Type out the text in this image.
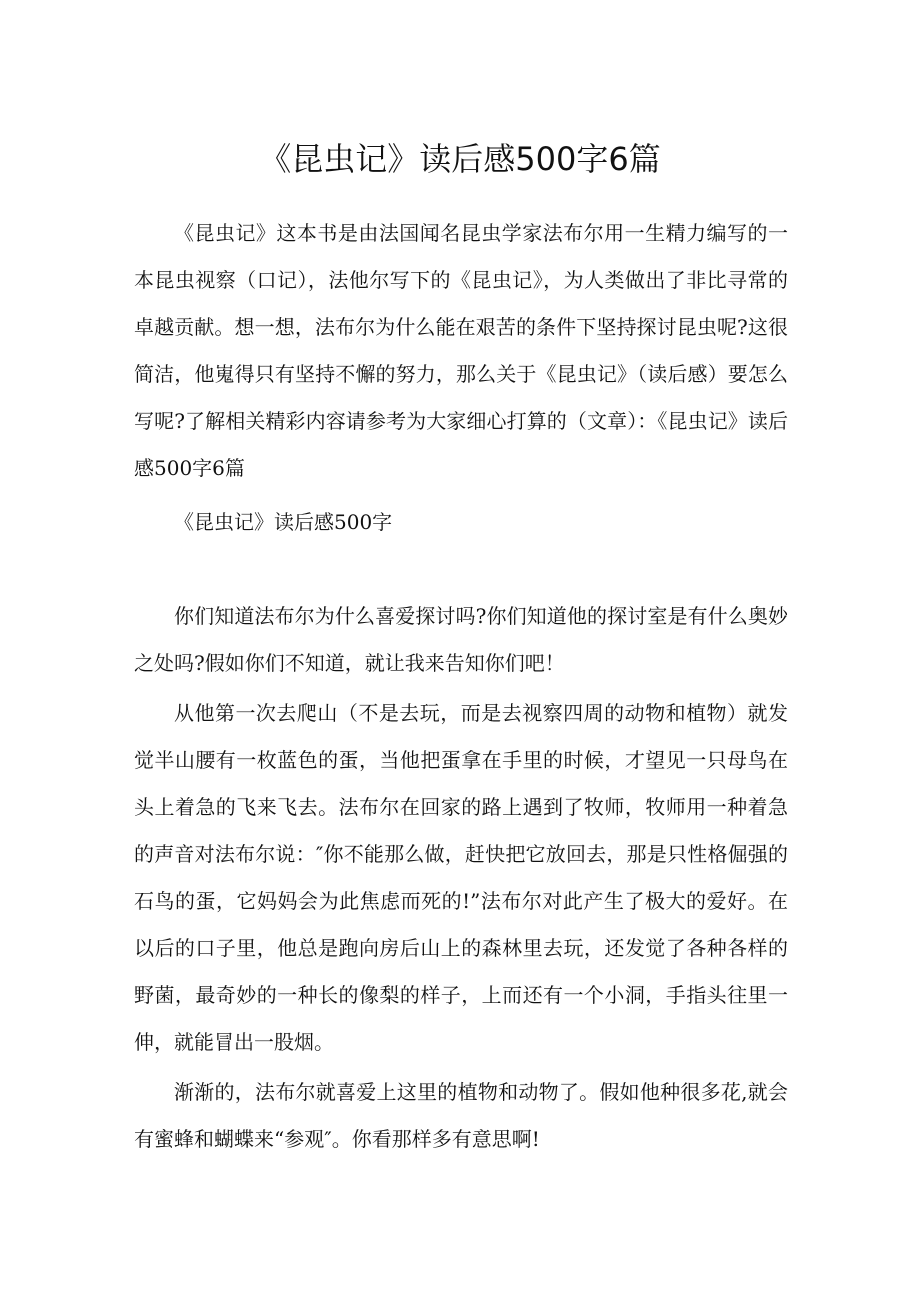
《昆虫记》读后感500字6篇

《昆虫记》这本书是由法国闻名昆虫学家法布尔用一生精力编写的一本昆虫视察（口记），法他尔写下的《昆虫记》，为人类做出了非比寻常的卓越贡献。想一想，法布尔为什么能在艰苦的条件下坚持探讨昆虫呢?这很简洁，他嵬得只有坚持不懈的努力，那么关于《昆虫记》（读后感）要怎么写呢?了解相关精彩内容请参考为大家细心打算的（文章）：《昆虫记》读后感500字6篇

《昆虫记》读后感500字

你们知道法布尔为什么喜爱探讨吗?你们知道他的探讨室是有什么奥妙之处吗?假如你们不知道，就让我来告知你们吧！

从他第一次去爬山（不是去玩，而是去视察四周的动物和植物）就发觉半山腰有一枚蓝色的蛋，当他把蛋拿在手里的时候，才望见一只母鸟在头上着急的飞来飞去。法布尔在回家的路上遇到了牧师，牧师用一种着急的声音对法布尔说：″你不能那么做，赶快把它放回去，那是只性格倔强的石鸟的蛋，它妈妈会为此焦虑而死的!”法布尔对此产生了极大的爱好。在以后的口子里，他总是跑向房后山上的森林里去玩，还发觉了各种各样的野菌，最奇妙的一种长的像梨的样子，上而还有一个小洞，手指头往里一伸，就能冒出一股烟。

渐渐的，法布尔就喜爱上这里的植物和动物了。假如他种很多花,就会有蜜蜂和蝴蝶来“参观″。你看那样多有意思啊!
